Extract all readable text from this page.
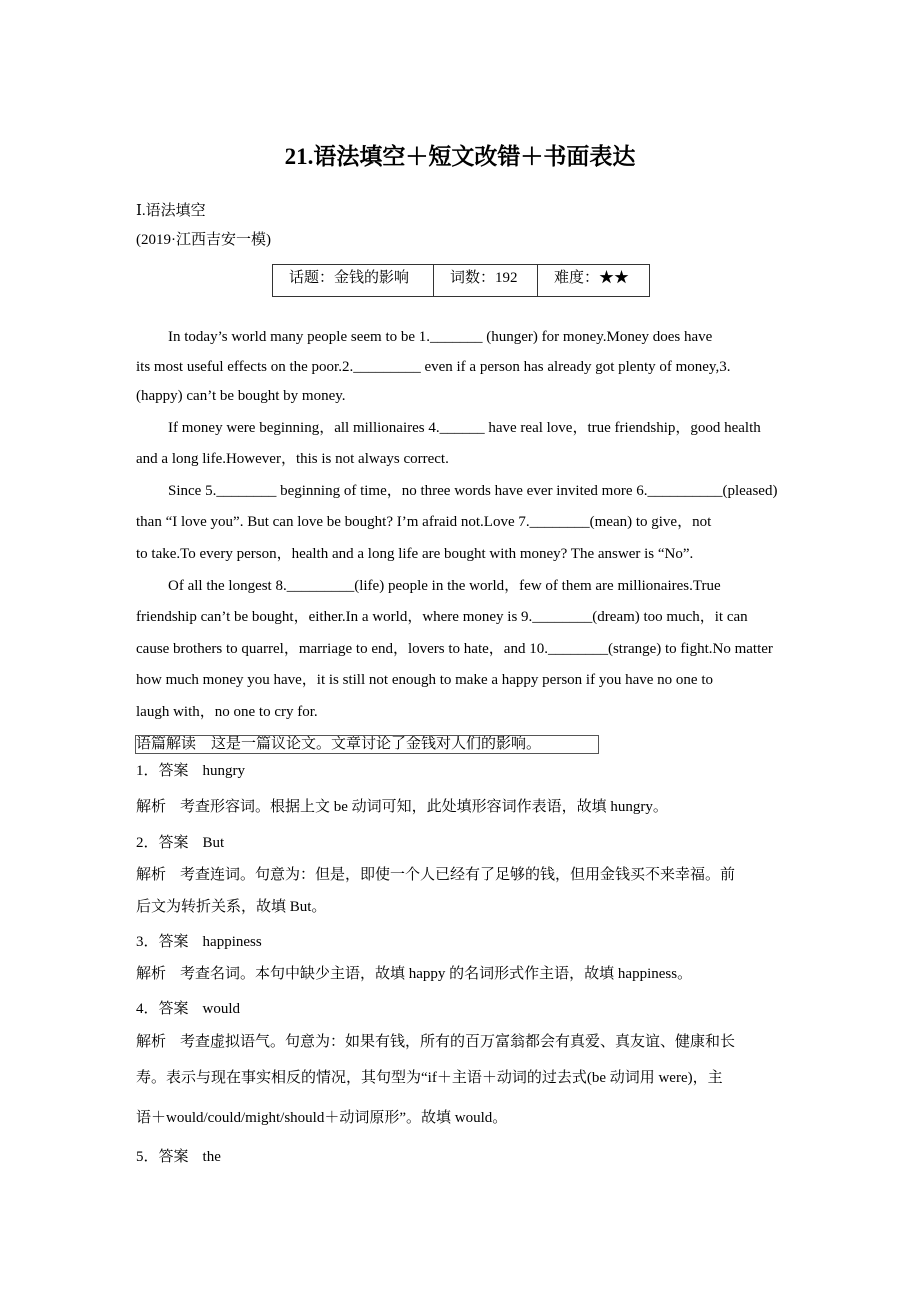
21.语法填空＋短文改错＋书面表达
Ⅰ.语法填空
(2019·江西吉安一模)
话题：金钱的影响	词数：192	难度：★★
In today’s world many people seem to be 1._______ (hunger) for money.Money does have
its most useful effects on the poor.2._________ even if a person has already got plenty of money,3.
(happy) can’t be bought by money.
If money were beginning，all millionaires 4.______ have real love，true friendship，good health
and a long life.However，this is not always correct.
Since 5.________ beginning of time，no three words have ever invited more 6.__________(pleased)
than “I love you”. But can love be bought? I’m afraid not.Love 7.________(mean) to give，not
to take.To every person，health and a long life are bought with money? The answer is “No”.
Of all the longest 8._________(life) people in the world，few of them are millionaires.True
friendship can’t be bought，either.In a world，where money is 9.________(dream) too much，it can
cause brothers to quarrel，marriage to end，lovers to hate，and 10.________(strange) to fight.No matter
how much money you have，it is still not enough to make a happy person if you have no one to
laugh with，no one to cry for.
语篇解读　这是一篇议论文。文章讨论了金钱对人们的影响。
1．答案 hungry
解析 考查形容词。根据上文 be 动词可知，此处填形容词作表语，故填 hungry。
2．答案 But
解析 考查连词。句意为：但是，即使一个人已经有了足够的钱，但用金钱买不来幸福。前
后文为转折关系，故填 But。
3．答案 happiness
解析 考查名词。本句中缺少主语，故填 happy 的名词形式作主语，故填 happiness。
4．答案 would
解析 考查虚拟语气。句意为：如果有钱，所有的百万富翁都会有真爱、真友谊、健康和长
寿。表示与现在事实相反的情况，其句型为“if＋主语＋动词的过去式(be 动词用 were)，主
语＋would/could/might/should＋动词原形”。故填 would。
5．答案 the
